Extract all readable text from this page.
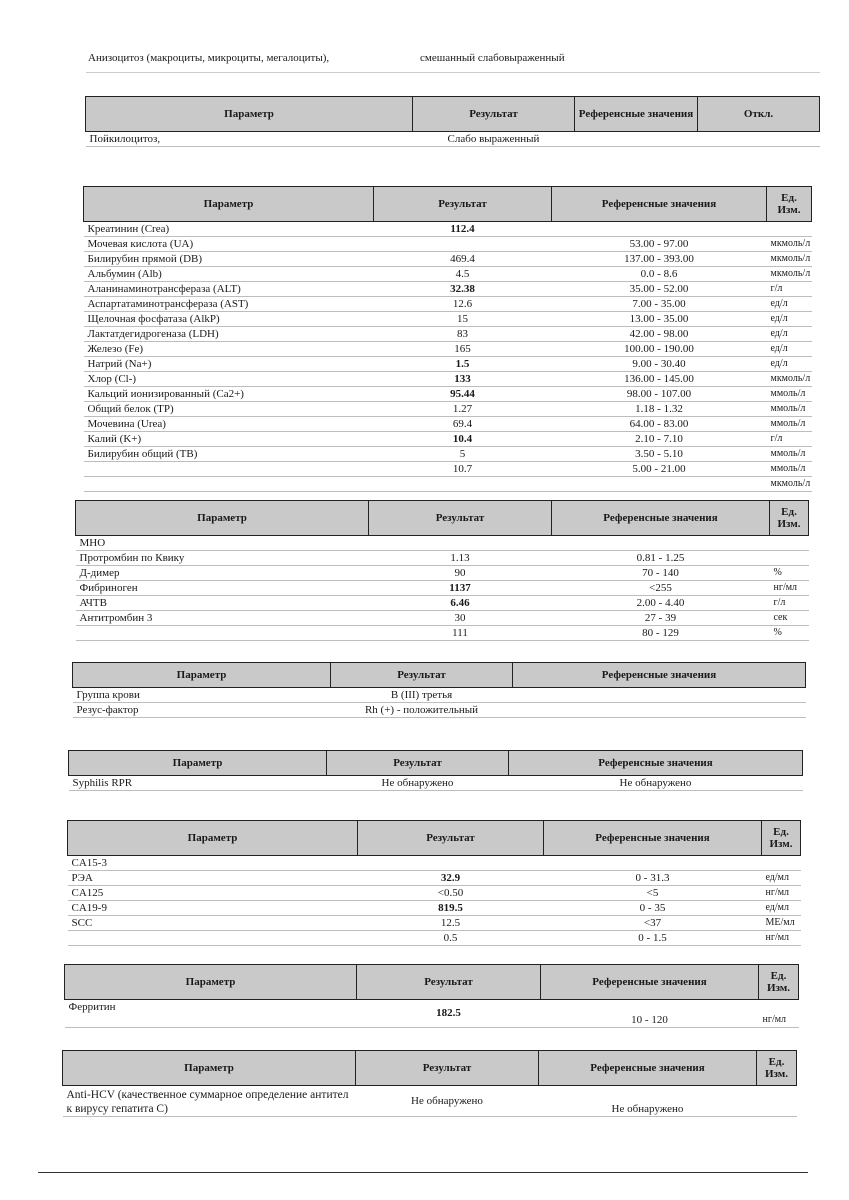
Анизоцитоз (макроциты, микроциты, мегалоциты),	смешанный слабовыраженный
Параметр	Результат	Референсные значения	Откл.
Пойкилоцитоз,	Слабо выраженный		
Параметр	Результат	Референсные значения	Ед. Изм.
Креатинин (Crea)	112.4		
Мочевая кислота (UA)		53.00 - 97.00	мкмоль/л
Билирубин прямой (DB)	469.4	137.00 - 393.00	мкмоль/л
Альбумин (Alb)	4.5	0.0 - 8.6	мкмоль/л
Аланинаминотрансфераза (ALT)	32.38	35.00 - 52.00	г/л
Аспартатаминотрансфераза (AST)	12.6	7.00 - 35.00	ед/л
Щелочная фосфатаза (AlkP)	15	13.00 - 35.00	ед/л
Лактатдегидрогеназа (LDH)	83	42.00 - 98.00	ед/л
Железо (Fe)	165	100.00 - 190.00	ед/л
Натрий (Na+)	1.5	9.00 - 30.40	ед/л
Хлор (Cl-)	133	136.00 - 145.00	мкмоль/л
Кальций ионизированный (Ca2+)	95.44	98.00 - 107.00	ммоль/л
Общий белок (TP)	1.27	1.18 - 1.32	ммоль/л
Мочевина (Urea)	69.4	64.00 - 83.00	ммоль/л
Калий (K+)	10.4	2.10 - 7.10	г/л
Билирубин общий (TB)	5	3.50 - 5.10	ммоль/л
	10.7	5.00 - 21.00	ммоль/л
			мкмоль/л
Параметр	Результат	Референсные значения	Ед. Изм.
МНО			
Протромбин по Квику	1.13	0.81 - 1.25	
Д-димер	90	70 - 140	%
Фибриноген	1137	<255	нг/мл
АЧТВ	6.46	2.00 - 4.40	г/л
Антитромбин 3	30	27 - 39	сек
	111	80 - 129	%
Параметр	Результат	Референсные значения
Группа крови	B (III) третья	
Резус-фактор	Rh (+) - положительный	
Параметр	Результат	Референсные значения
Syphilis RPR	Не обнаружено	Не обнаружено
Параметр	Результат	Референсные значения	Ед. Изм.
CA15-3			
РЭА	32.9	0 - 31.3	ед/мл
CA125	<0.50	<5	нг/мл
CA19-9	819.5	0 - 35	ед/мл
SCC	12.5	<37	МЕ/мл
	0.5	0 - 1.5	нг/мл
Параметр	Результат	Референсные значения	Ед. Изм.
Ферритин	182.5	10 - 120	нг/мл
Параметр	Результат	Референсные значения	Ед. Изм.
Anti-HCV (качественное суммарное определение антител к вирусу гепатита С)	Не обнаружено	Не обнаружено	
